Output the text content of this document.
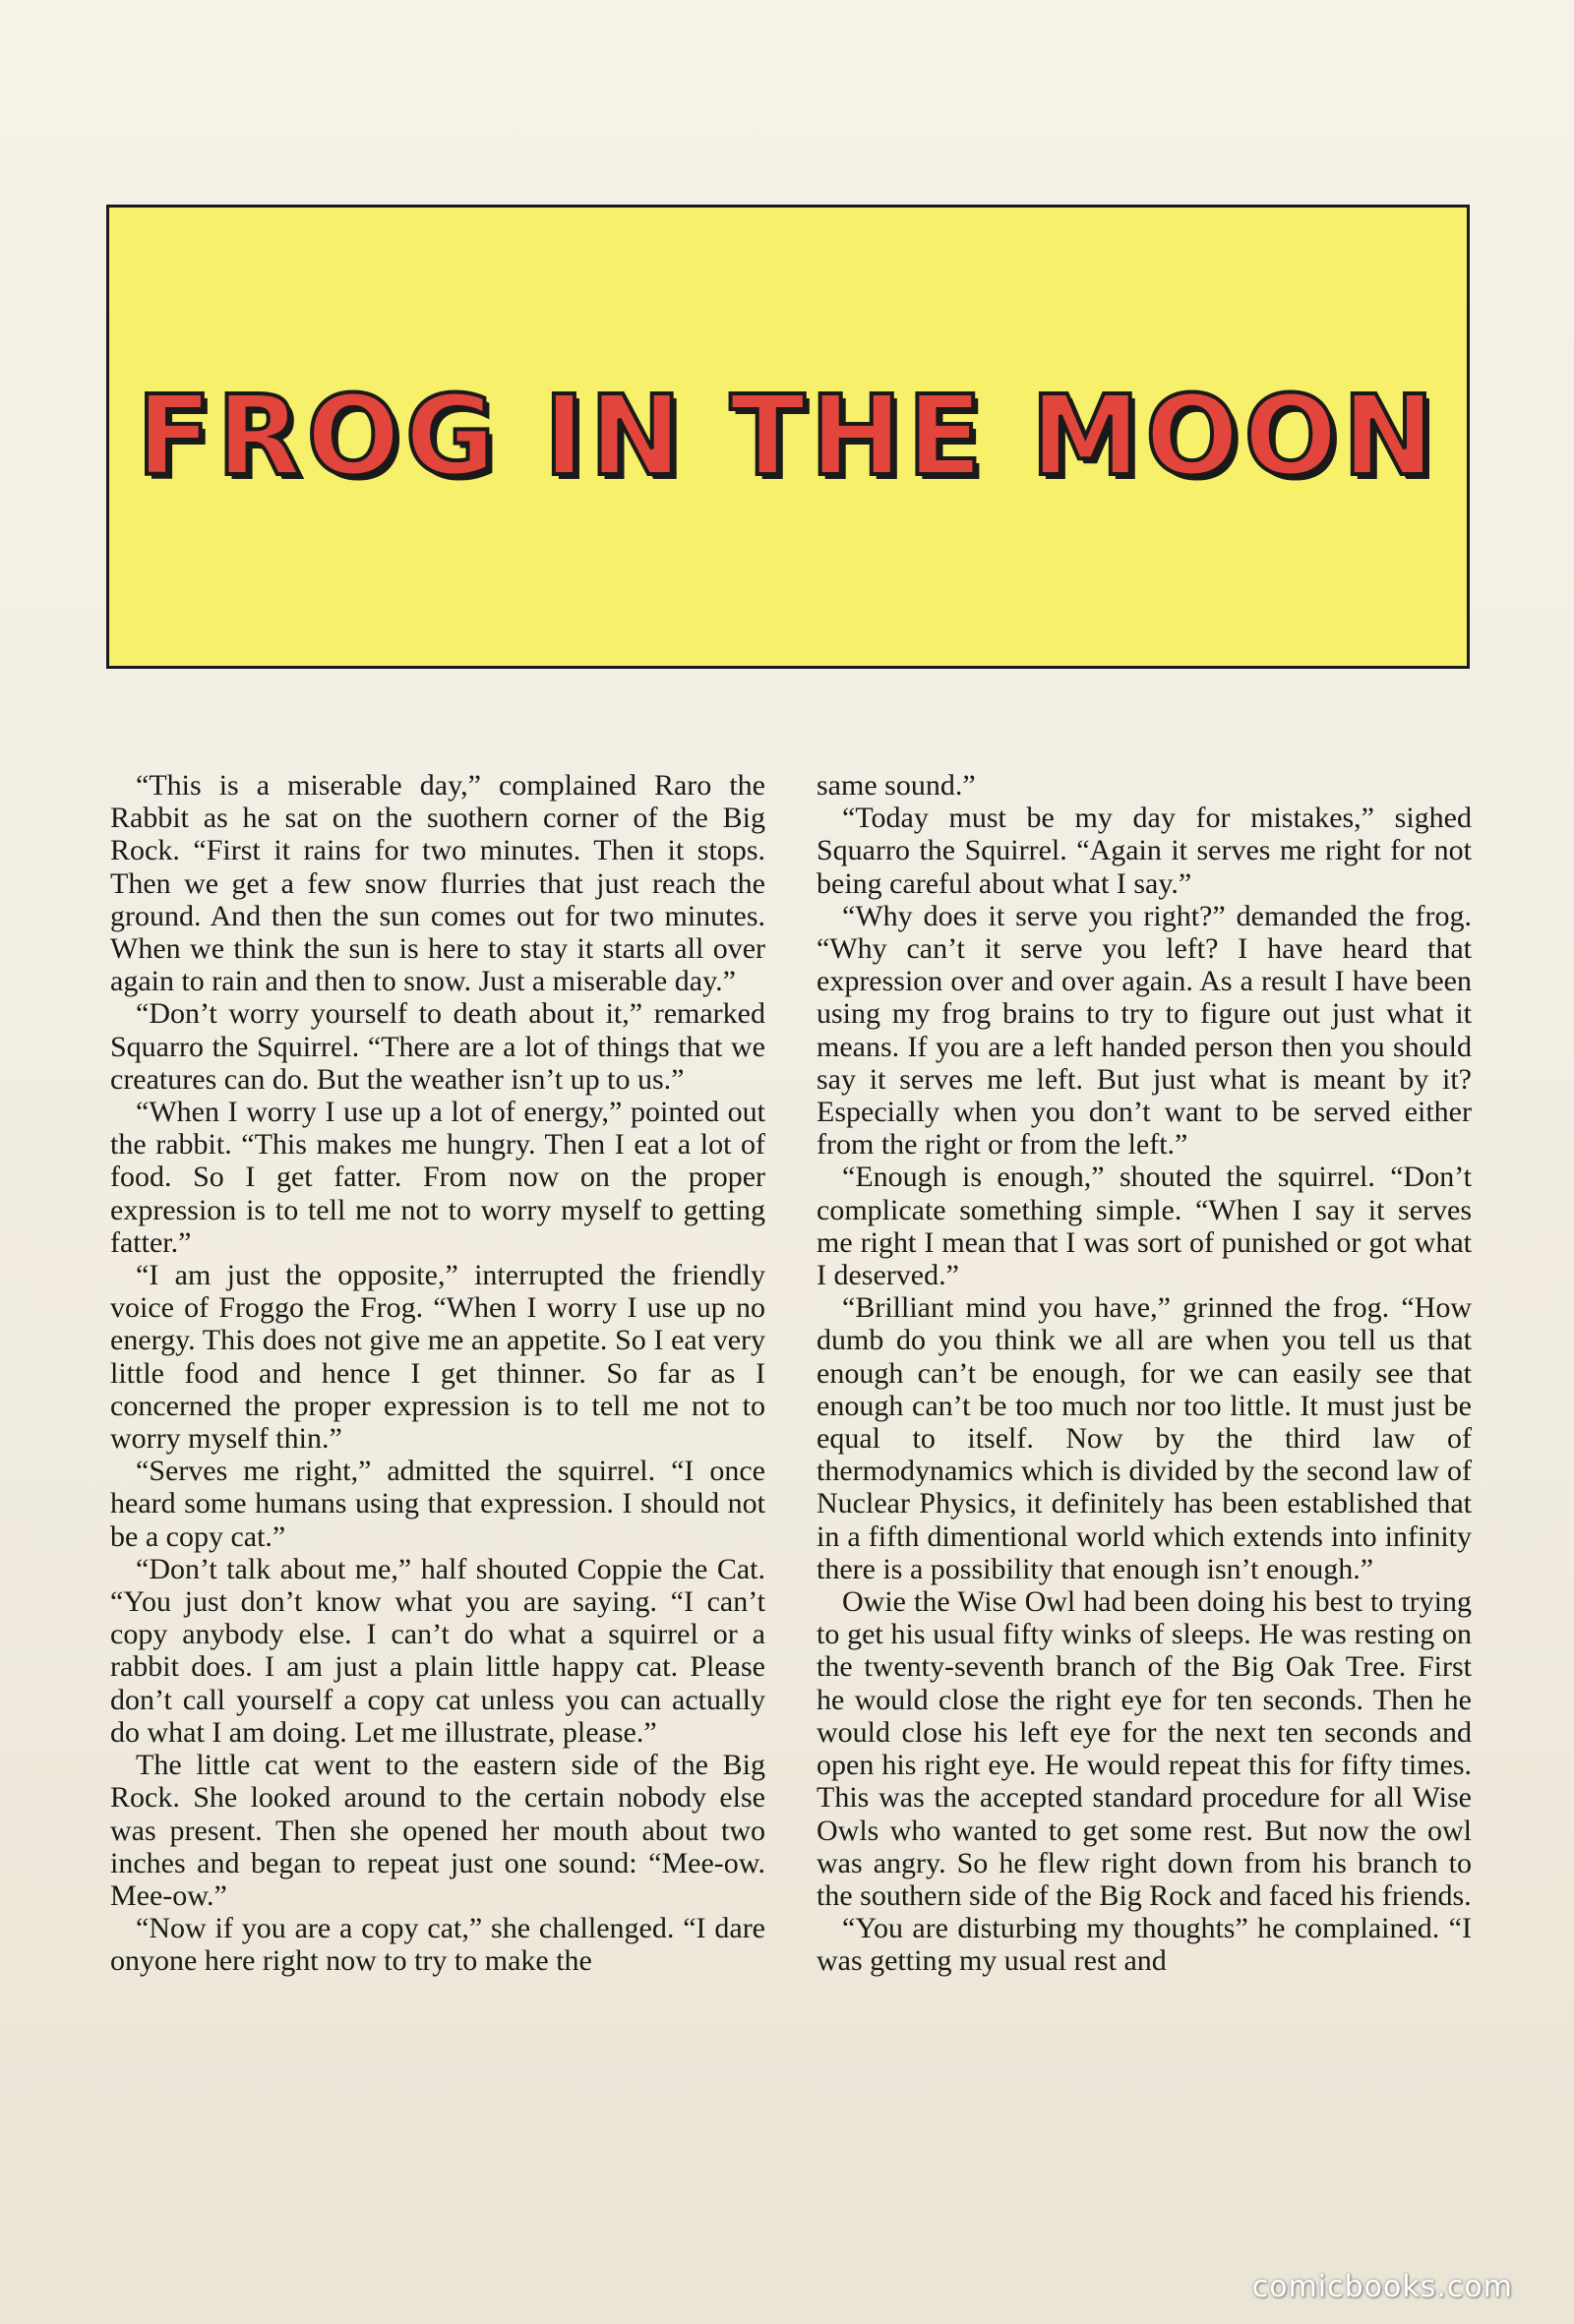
FROG IN THE MOON

“This is a miserable day,” complained Raro the Rabbit as he sat on the suothern corner of the Big Rock. “First it rains for two minutes. Then it stops. Then we get a few snow flurries that just reach the ground. And then the sun comes out for two minutes. When we think the sun is here to stay it starts all over again to rain and then to snow. Just a miserable day.”

“Don’t worry yourself to death about it,” remarked Squarro the Squirrel. “There are a lot of things that we creatures can do. But the weather isn’t up to us.”

“When I worry I use up a lot of energy,” pointed out the rabbit. “This makes me hungry. Then I eat a lot of food. So I get fatter. From now on the proper expression is to tell me not to worry myself to getting fatter.”

“I am just the opposite,” interrupted the friendly voice of Froggo the Frog. “When I worry I use up no energy. This does not give me an appetite. So I eat very little food and hence I get thinner. So far as I concerned the proper expression is to tell me not to worry myself thin.”

“Serves me right,” admitted the squirrel. “I once heard some humans using that expression. I should not be a copy cat.”

“Don’t talk about me,” half shouted Coppie the Cat. “You just don’t know what you are saying. “I can’t copy anybody else. I can’t do what a squirrel or a rabbit does. I am just a plain little happy cat. Please don’t call yourself a copy cat unless you can actually do what I am doing. Let me illustrate, please.”

The little cat went to the eastern side of the Big Rock. She looked around to the certain nobody else was present. Then she opened her mouth about two inches and began to repeat just one sound: “Mee-ow. Mee-ow.”

“Now if you are a copy cat,” she challenged. “I dare onyone here right now to try to make the

same sound.”

“Today must be my day for mistakes,” sighed Squarro the Squirrel. “Again it serves me right for not being careful about what I say.”

“Why does it serve you right?” demanded the frog. “Why can’t it serve you left? I have heard that expression over and over again. As a result I have been using my frog brains to try to figure out just what it means. If you are a left handed person then you should say it serves me left. But just what is meant by it? Especially when you don’t want to be served either from the right or from the left.”

“Enough is enough,” shouted the squirrel. “Don’t complicate something simple. “When I say it serves me right I mean that I was sort of punished or got what I deserved.”

“Brilliant mind you have,” grinned the frog. “How dumb do you think we all are when you tell us that enough can’t be enough, for we can easily see that enough can’t be too much nor too little. It must just be equal to itself. Now by the third law of thermodynamics which is divided by the second law of Nuclear Physics, it definitely has been established that in a fifth dimentional world which extends into infinity there is a possibility that enough isn’t enough.”

Owie the Wise Owl had been doing his best to trying to get his usual fifty winks of sleeps. He was resting on the twenty-seventh branch of the Big Oak Tree. First he would close the right eye for ten seconds. Then he would close his left eye for the next ten seconds and open his right eye. He would repeat this for fifty times. This was the accepted standard procedure for all Wise Owls who wanted to get some rest. But now the owl was angry. So he flew right down from his branch to the southern side of the Big Rock and faced his friends.

“You are disturbing my thoughts” he complained. “I was getting my usual rest and

comicbooks.com
